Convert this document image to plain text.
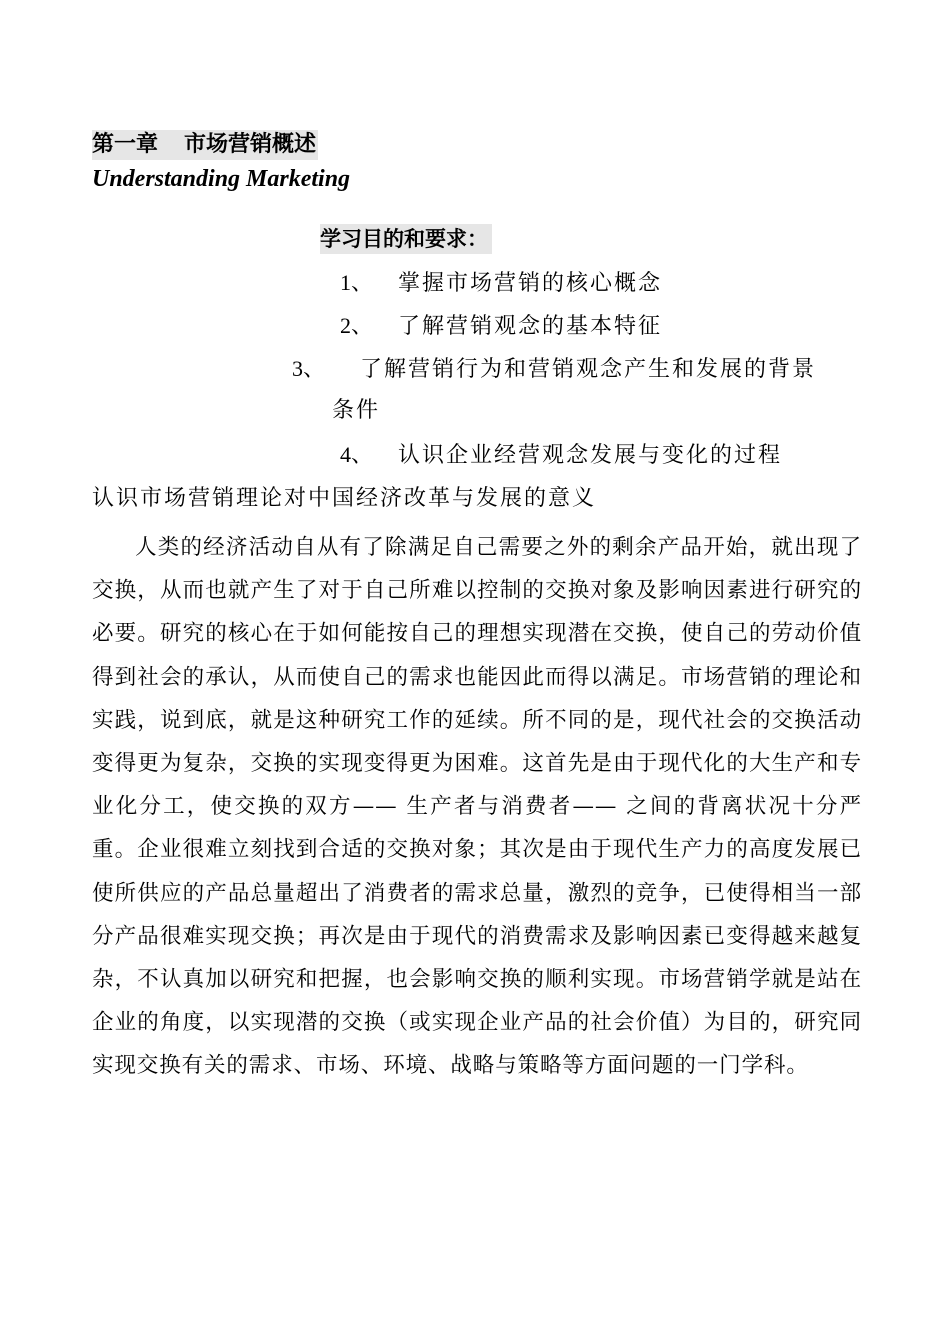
第一章 市场营销概述
Understanding Marketing
学习目的和要求：
1、 掌握市场营销的核心概念
2、 了解营销观念的基本特征
3、 了解营销行为和营销观念产生和发展的背景
条件
4、 认识企业经营观念发展与变化的过程
认识市场营销理论对中国经济改革与发展的意义

人类的经济活动自从有了除满足自己需要之外的剩余产品开始，就出现了交换，从而也就产生了对于自己所难以控制的交换对象及影响因素进行研究的必要。研究的核心在于如何能按自己的理想实现潜在交换，使自己的劳动价值得到社会的承认，从而使自己的需求也能因此而得以满足。市场营销的理论和实践，说到底，就是这种研究工作的延续。所不同的是，现代社会的交换活动变得更为复杂，交换的实现变得更为困难。这首先是由于现代化的大生产和专业化分工，使交换的双方—— 生产者与消费者—— 之间的背离状况十分严重。企业很难立刻找到合适的交换对象；其次是由于现代生产力的高度发展已使所供应的产品总量超出了消费者的需求总量，激烈的竞争，已使得相当一部分产品很难实现交换；再次是由于现代的消费需求及影响因素已变得越来越复杂，不认真加以研究和把握，也会影响交换的顺利实现。市场营销学就是站在企业的角度，以实现潜的交换（或实现企业产品的社会价值）为目的，研究同实现交换有关的需求、市场、环境、战略与策略等方面问题的一门学科。
